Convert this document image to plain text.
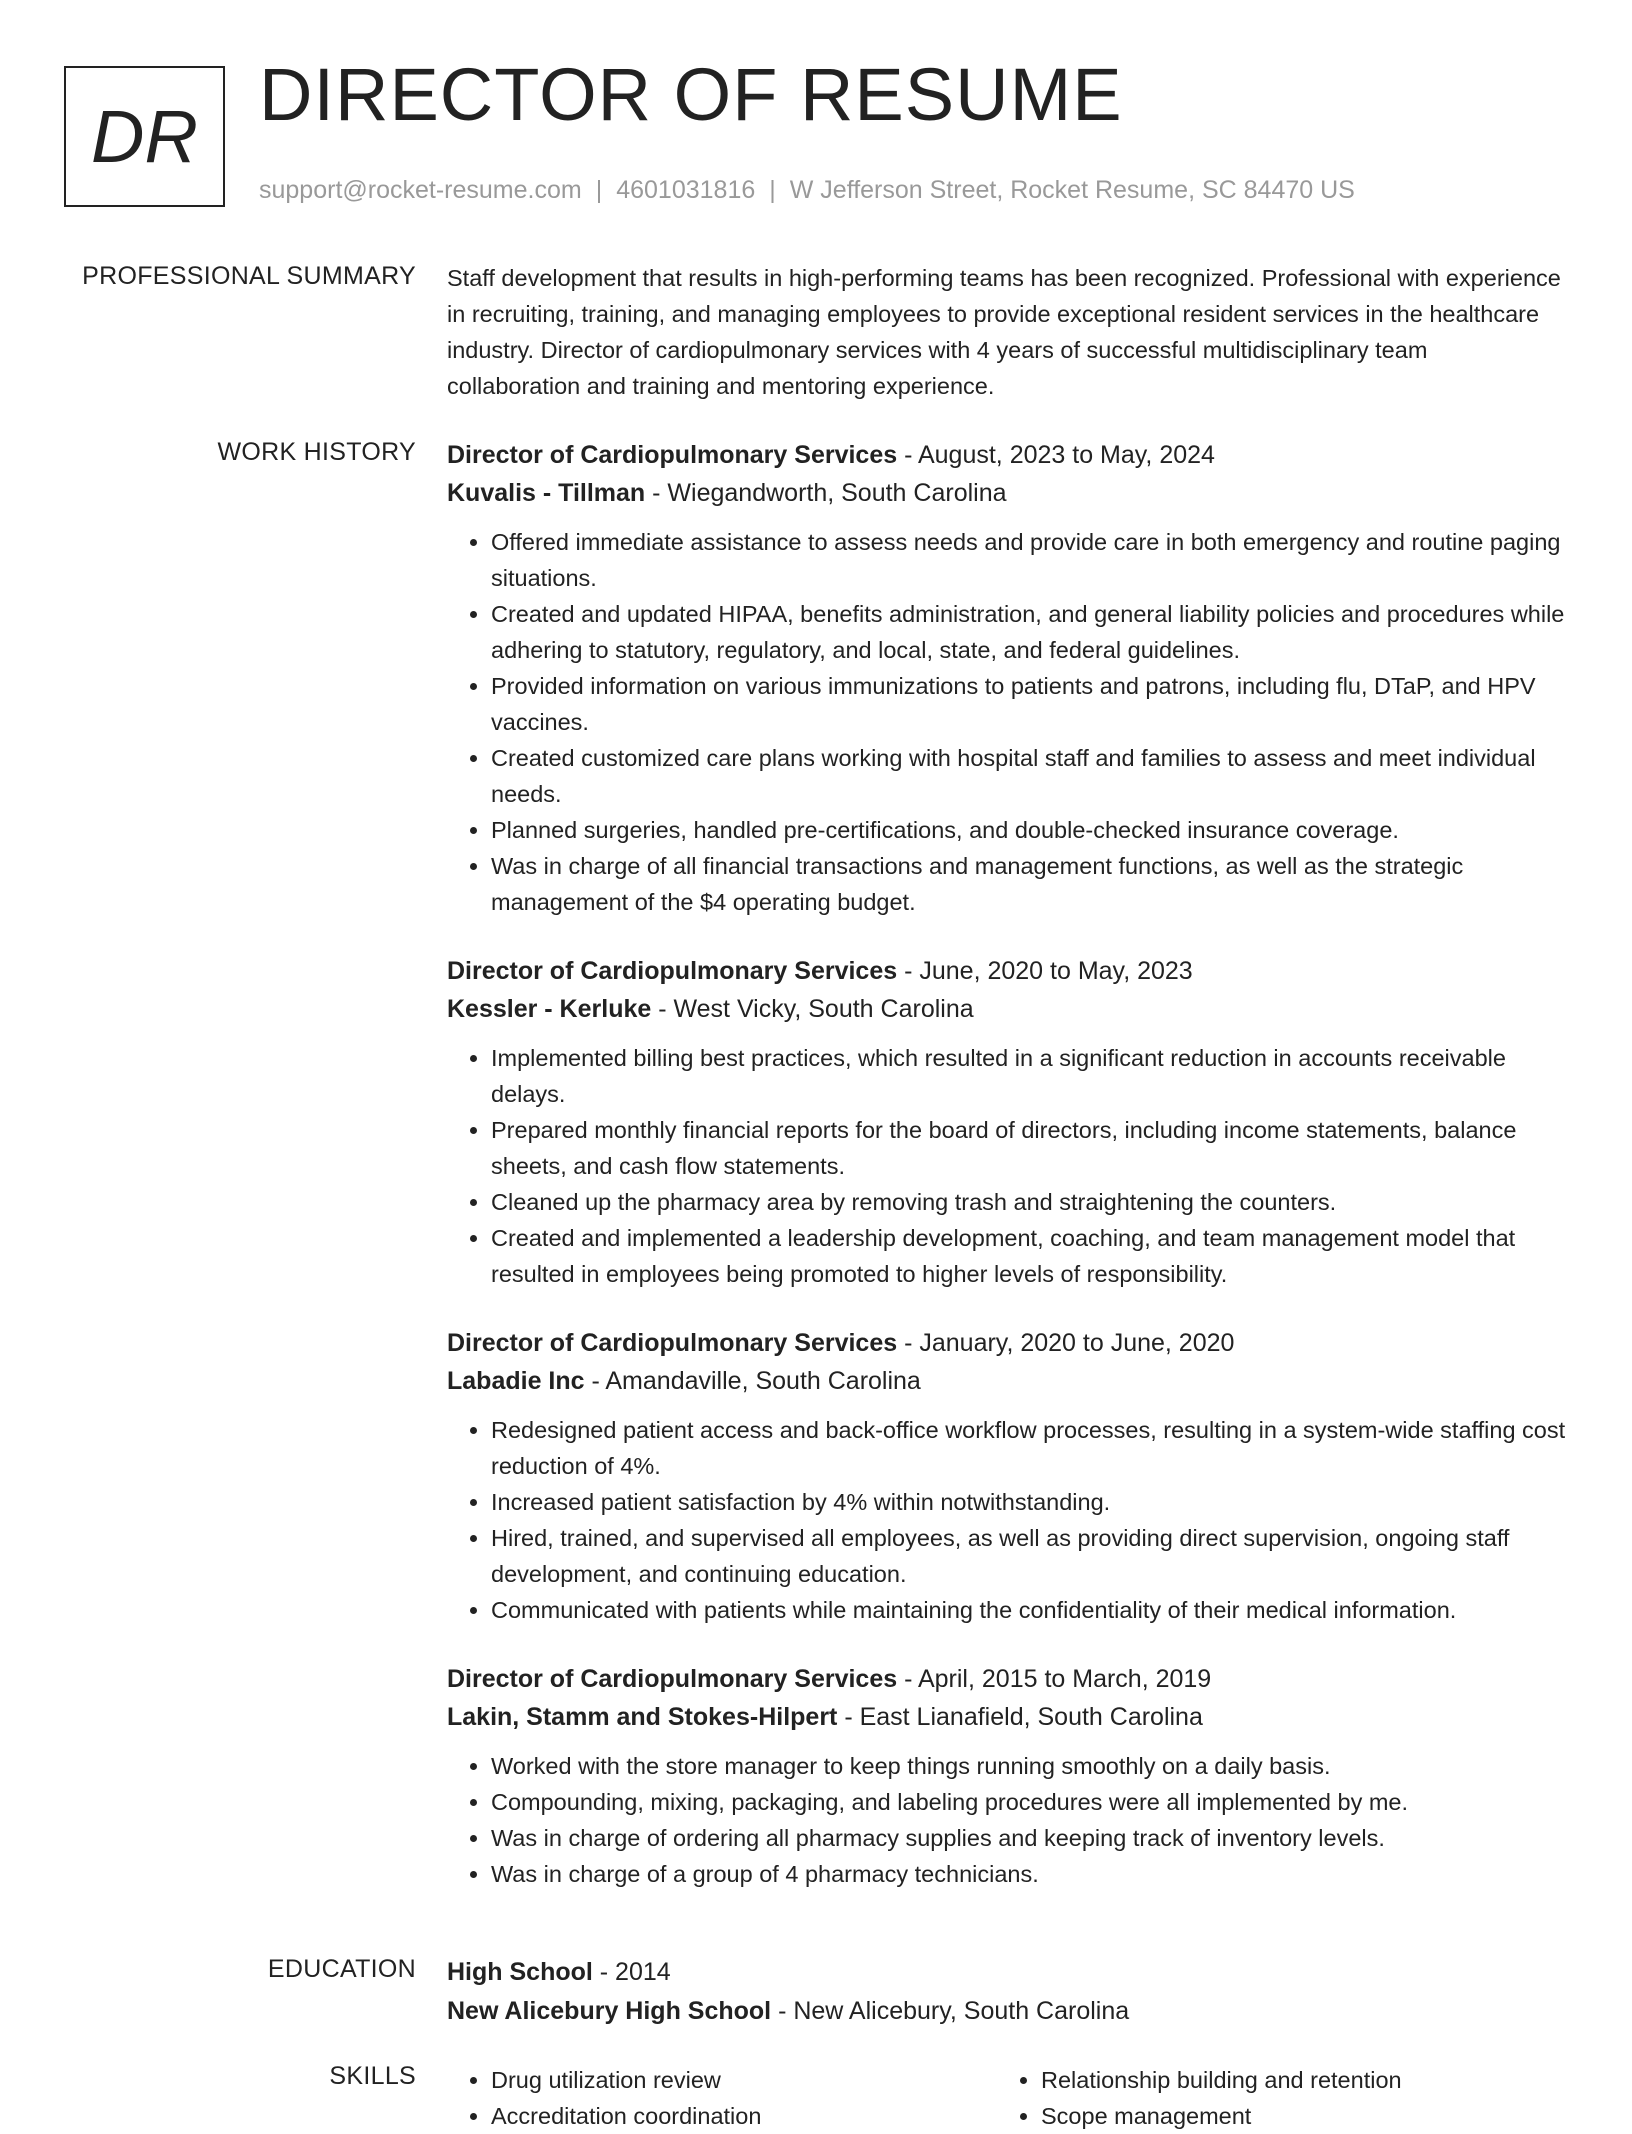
DR
DIRECTOR OF RESUME
support@rocket-resume.com | 4601031816 | W Jefferson Street, Rocket Resume, SC 84470 US
PROFESSIONAL SUMMARY Staff development that results in high-performing teams has been recognized. Professional with experience in recruiting, training, and managing employees to provide exceptional resident services in the healthcare industry. Director of cardiopulmonary services with 4 years of successful multidisciplinary team collaboration and training and mentoring experience.

WORK HISTORY Director of Cardiopulmonary Services - August, 2023 to May, 2024
Kuvalis - Tillman - Wiegandworth, South Carolina
• Offered immediate assistance to assess needs and provide care in both emergency and routine paging situations.
• Created and updated HIPAA, benefits administration, and general liability policies and procedures while adhering to statutory, regulatory, and local, state, and federal guidelines.
• Provided information on various immunizations to patients and patrons, including flu, DTaP, and HPV vaccines.
• Created customized care plans working with hospital staff and families to assess and meet individual needs.
• Planned surgeries, handled pre-certifications, and double-checked insurance coverage.
• Was in charge of all financial transactions and management functions, as well as the strategic management of the $4 operating budget.
Director of Cardiopulmonary Services - June, 2020 to May, 2023
Kessler - Kerluke - West Vicky, South Carolina
• Implemented billing best practices, which resulted in a significant reduction in accounts receivable delays.
• Prepared monthly financial reports for the board of directors, including income statements, balance sheets, and cash flow statements.
• Cleaned up the pharmacy area by removing trash and straightening the counters.
• Created and implemented a leadership development, coaching, and team management model that resulted in employees being promoted to higher levels of responsibility.
Director of Cardiopulmonary Services - January, 2020 to June, 2020
Labadie Inc - Amandaville, South Carolina
• Redesigned patient access and back-office workflow processes, resulting in a system-wide staffing cost reduction of 4%.
• Increased patient satisfaction by 4% within notwithstanding.
• Hired, trained, and supervised all employees, as well as providing direct supervision, ongoing staff development, and continuing education.
• Communicated with patients while maintaining the confidentiality of their medical information.
Director of Cardiopulmonary Services - April, 2015 to March, 2019
Lakin, Stamm and Stokes-Hilpert - East Lianafield, South Carolina
• Worked with the store manager to keep things running smoothly on a daily basis.
• Compounding, mixing, packaging, and labeling procedures were all implemented by me.
• Was in charge of ordering all pharmacy supplies and keeping track of inventory levels.
• Was in charge of a group of 4 pharmacy technicians.
EDUCATION High School - 2014
New Alicebury High School - New Alicebury, South Carolina
SKILLS
•	Drug utilization review
• Accreditation coordination
• Relationship building and retention
• Scope management
